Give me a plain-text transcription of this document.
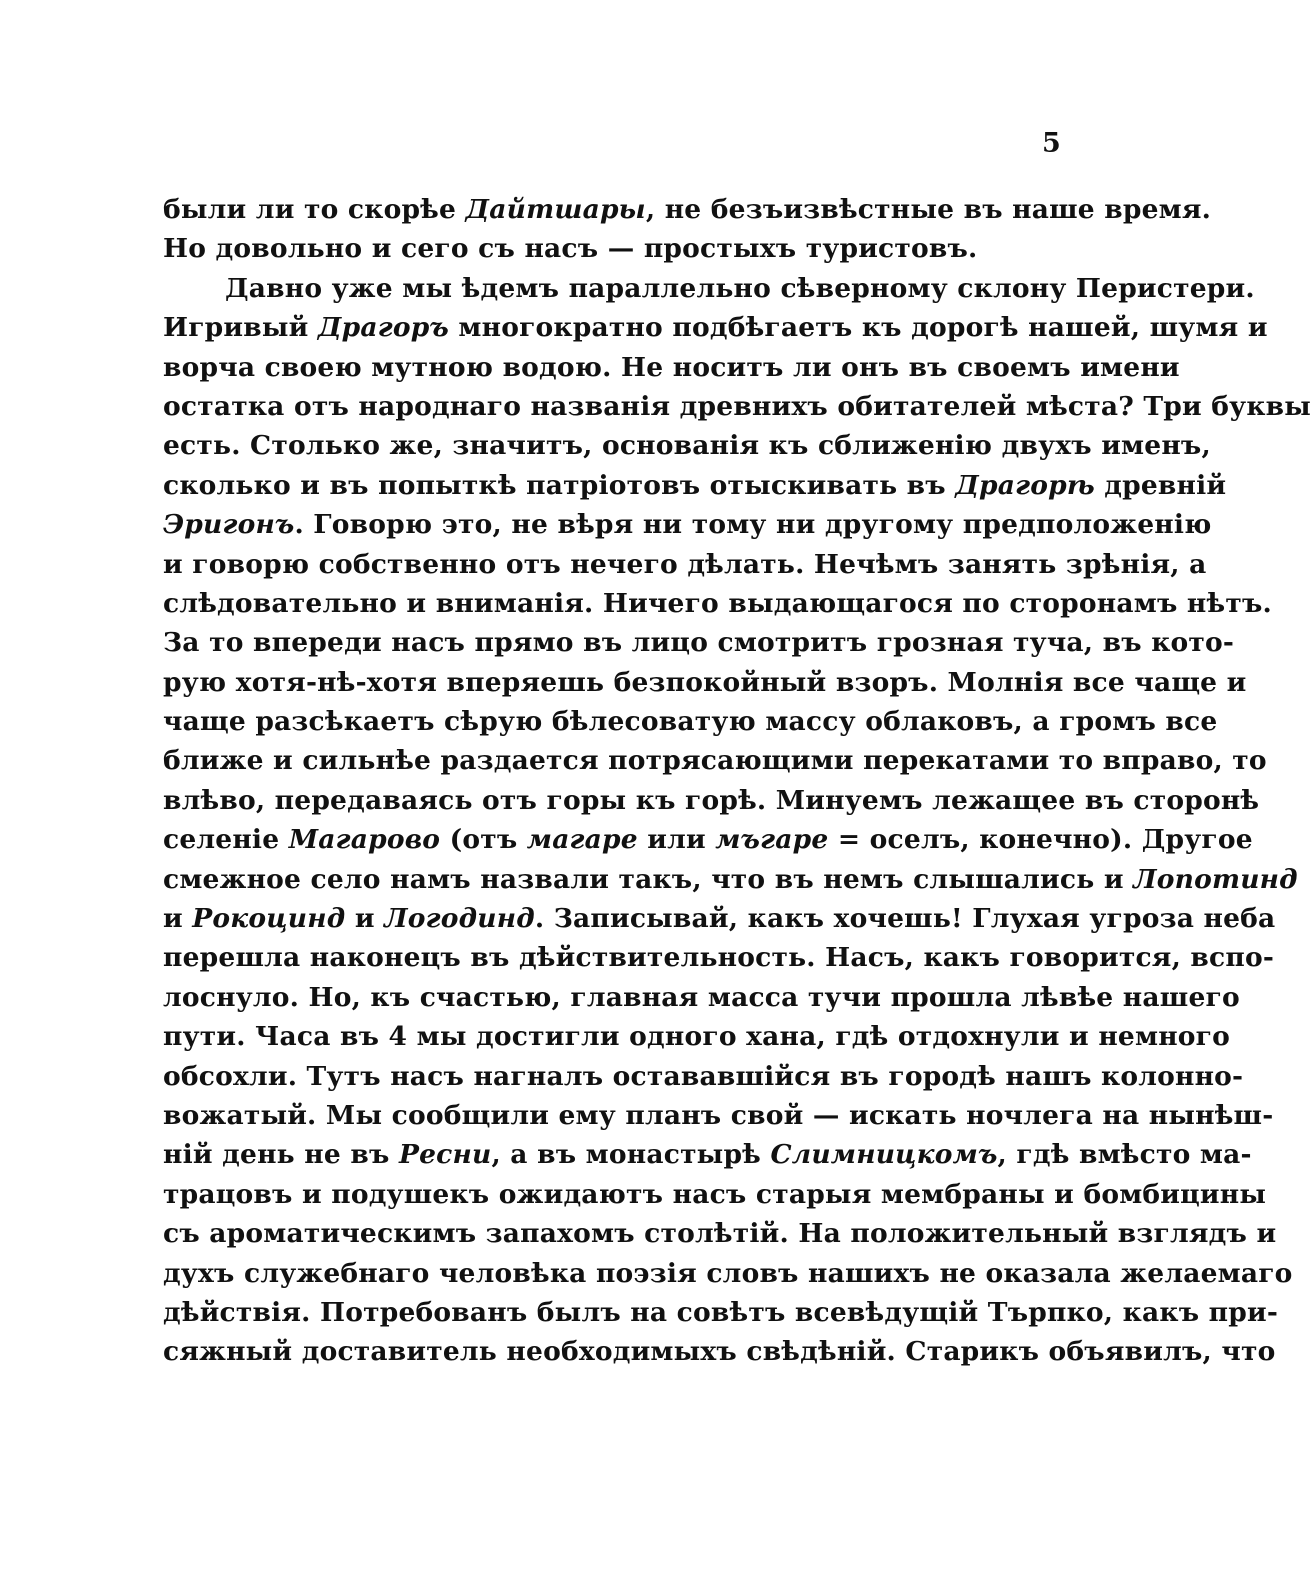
5
были ли то скорѣе Дайтшары, не безъизвѣстные въ наше время.
Но довольно и сего съ насъ — простыхъ туристовъ.
Давно уже мы ѣдемъ параллельно сѣверному склону Перистери.
Игривый Драгоръ многократно подбѣгаетъ къ дорогѣ нашей, шумя и
ворча своею мутною водою. Не носитъ ли онъ въ своемъ имени
остатка отъ народнаго названія древнихъ обитателей мѣста? Три буквы
есть. Столько же, значитъ, основанія къ сближенію двухъ именъ,
сколько и въ попыткѣ патріотовъ отыскивать въ Драгорѣ древній
Эригонъ. Говорю это, не вѣря ни тому ни другому предположенію
и говорю собственно отъ нечего дѣлать. Нечѣмъ занять зрѣнія, а
слѣдовательно и вниманія. Ничего выдающагося по сторонамъ нѣтъ.
За то впереди насъ прямо въ лицо смотритъ грозная туча, въ кото-
рую хотя-нѣ-хотя вперяешь безпокойный взоръ. Молнія все чаще и
чаще разсѣкаетъ сѣрую бѣлесоватую массу облаковъ, а громъ все
ближе и сильнѣе раздается потрясающими перекатами то вправо, то
влѣво, передаваясь отъ горы къ горѣ. Минуемъ лежащее въ сторонѣ
селеніе Магарово (отъ магаре или мъгаре = оселъ, конечно). Другое
смежное село намъ назвали такъ, что въ немъ слышались и Лопотинд
и Рокоцинд и Логодинд. Записывай, какъ хочешь! Глухая угроза неба
перешла наконецъ въ дѣйствительность. Насъ, какъ говорится, вспо-
лоснуло. Но, къ счастью, главная масса тучи прошла лѣвѣе нашего
пути. Часа въ 4 мы достигли одного хана, гдѣ отдохнули и немного
обсохли. Тутъ насъ нагналъ остававшійся въ городѣ нашъ колонно-
вожатый. Мы сообщили ему планъ свой — искать ночлега на нынѣш-
ній день не въ Ресни, а въ монастырѣ Слимницкомъ, гдѣ вмѣсто ма-
трацовъ и подушекъ ожидаютъ насъ старыя мембраны и бомбицины
съ ароматическимъ запахомъ столѣтій. На положительный взглядъ и
духъ служебнаго человѣка поэзія словъ нашихъ не оказала желаемаго
дѣйствія. Потребованъ былъ на совѣтъ всевѣдущій Търпко, какъ при-
сяжный доставитель необходимыхъ свѣдѣній. Старикъ объявилъ, что
